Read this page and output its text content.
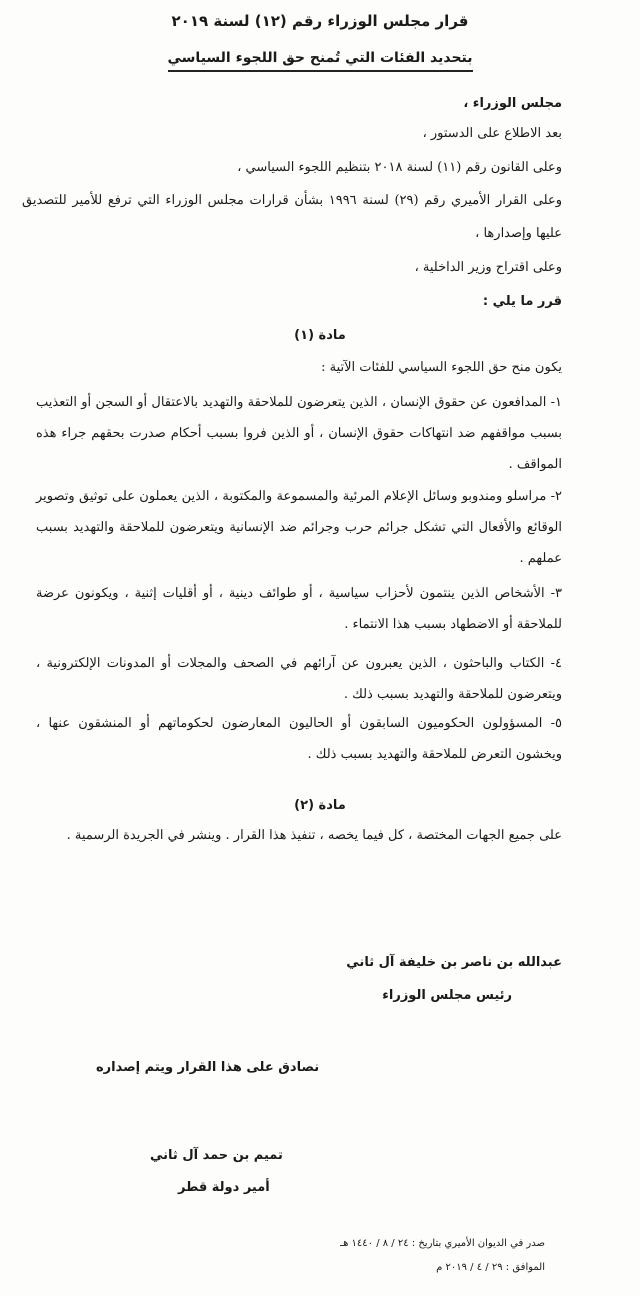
قرار مجلس الوزراء رقم (١٢) لسنة ٢٠١٩
بتحديد الفئات التي تُمنح حق اللجوء السياسي
مجلس الوزراء ،
بعد الاطلاع على الدستور ،
وعلى القانون رقم (١١) لسنة ٢٠١٨ بتنظيم اللجوء السياسي ،
وعلى القرار الأميري رقم (٢٩) لسنة ١٩٩٦ بشأن قرارات مجلس الوزراء التي ترفع للأمير للتصديق عليها وإصدارها ،
وعلى اقتراح وزير الداخلية ،
قرر ما يلي :
مادة (١)
يكون منح حق اللجوء السياسي للفئات الآتية :
١- المدافعون عن حقوق الإنسان ، الذين يتعرضون للملاحقة والتهديد بالاعتقال أو السجن أو التعذيب بسبب مواقفهم ضد انتهاكات حقوق الإنسان ، أو الذين فروا بسبب أحكام صدرت بحقهم جراء هذه المواقف .
٢- مراسلو ومندوبو وسائل الإعلام المرئية والمسموعة والمكتوبة ، الذين يعملون على توثيق وتصوير الوقائع والأفعال التي تشكل جرائم حرب وجرائم ضد الإنسانية ويتعرضون للملاحقة والتهديد بسبب عملهم .
٣- الأشخاص الذين ينتمون لأحزاب سياسية ، أو طوائف دينية ، أو أقليات إثنية ، ويكونون عرضة للملاحقة أو الاضطهاد بسبب هذا الانتماء .
٤- الكتاب والباحثون ، الذين يعبرون عن آرائهم في الصحف والمجلات أو المدونات الإلكترونية ، ويتعرضون للملاحقة والتهديد بسبب ذلك .
٥- المسؤولون الحكوميون السابقون أو الحاليون المعارضون لحكوماتهم أو المنشقون عنها ، ويخشون التعرض للملاحقة والتهديد بسبب ذلك .
مادة (٢)
على جميع الجهات المختصة ، كل فيما يخصه ، تنفيذ هذا القرار . وينشر في الجريدة الرسمية .
عبدالله بن ناصر بن خليفة آل ثاني
رئيس مجلس الوزراء
نصادق على هذا القرار ويتم إصداره
تميم بن حمد آل ثاني
أمير دولة قطر
صدر في الديوان الأميري بتاريخ : ٢٤ / ٨ / ١٤٤٠ هـ
الموافق : ٢٩ / ٤ / ٢٠١٩ م
